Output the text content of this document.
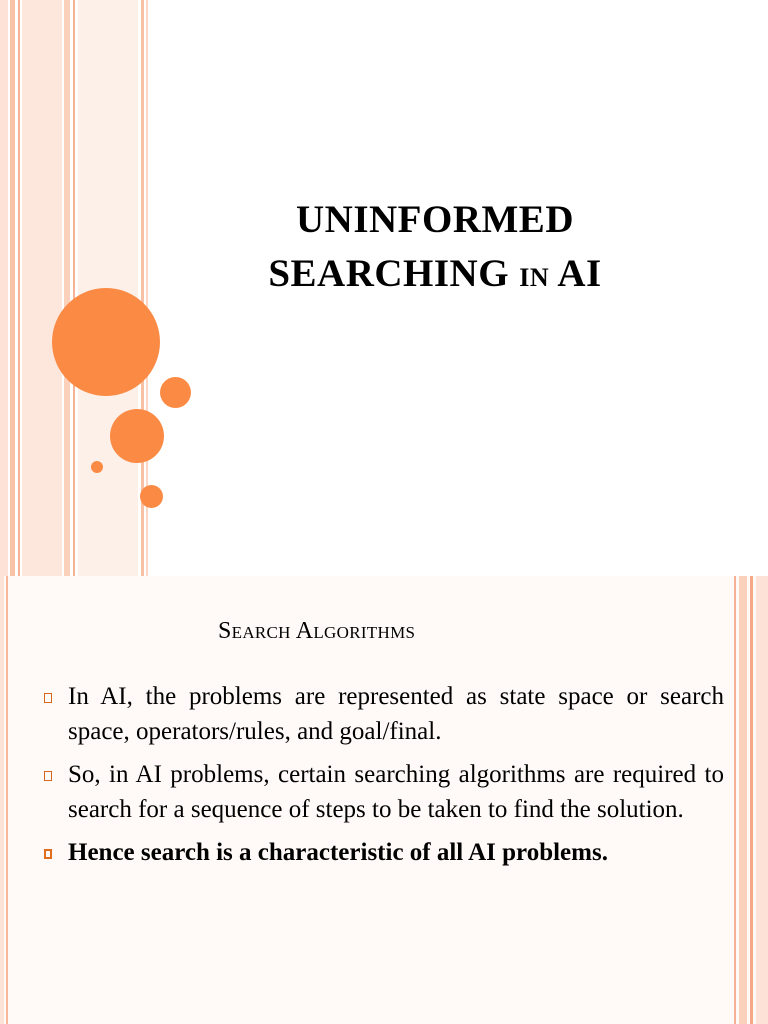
UNINFORMED
SEARCHING IN AI
Search Algorithms
In AI, the problems are represented as state space or search space, operators/rules, and goal/final.
So, in AI problems, certain searching algorithms are required to search for a sequence of steps to be taken to find the solution.
Hence search is a characteristic of all AI problems.
